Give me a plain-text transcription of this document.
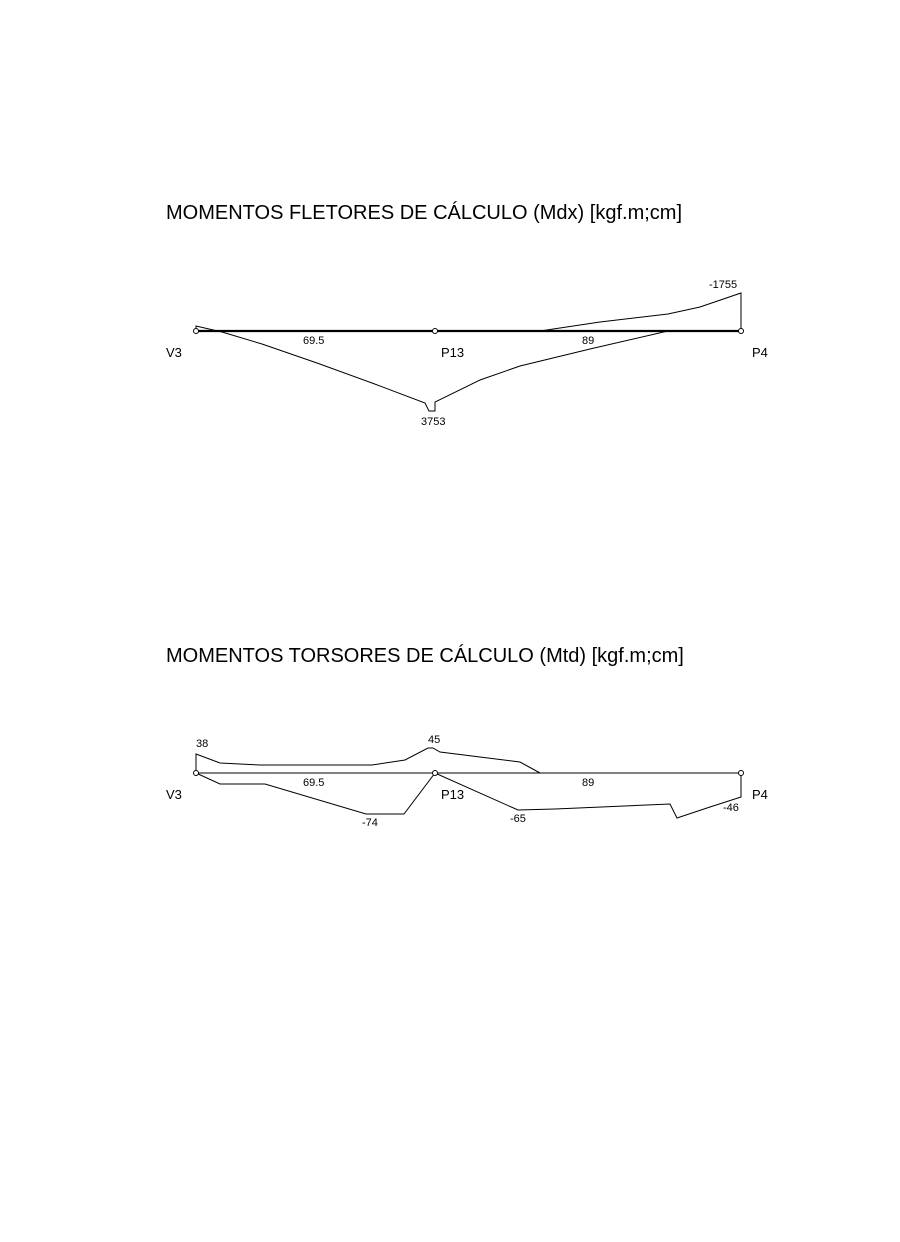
MOMENTOS FLETORES DE CÁLCULO (Mdx) [kgf.m;cm]
MOMENTOS TORSORES DE CÁLCULO (Mtd) [kgf.m;cm]
V3	P13	P4
69.5	89
-1755
3753
V3	P13	P4
69.5	89
38	45
-74	-65
-46
